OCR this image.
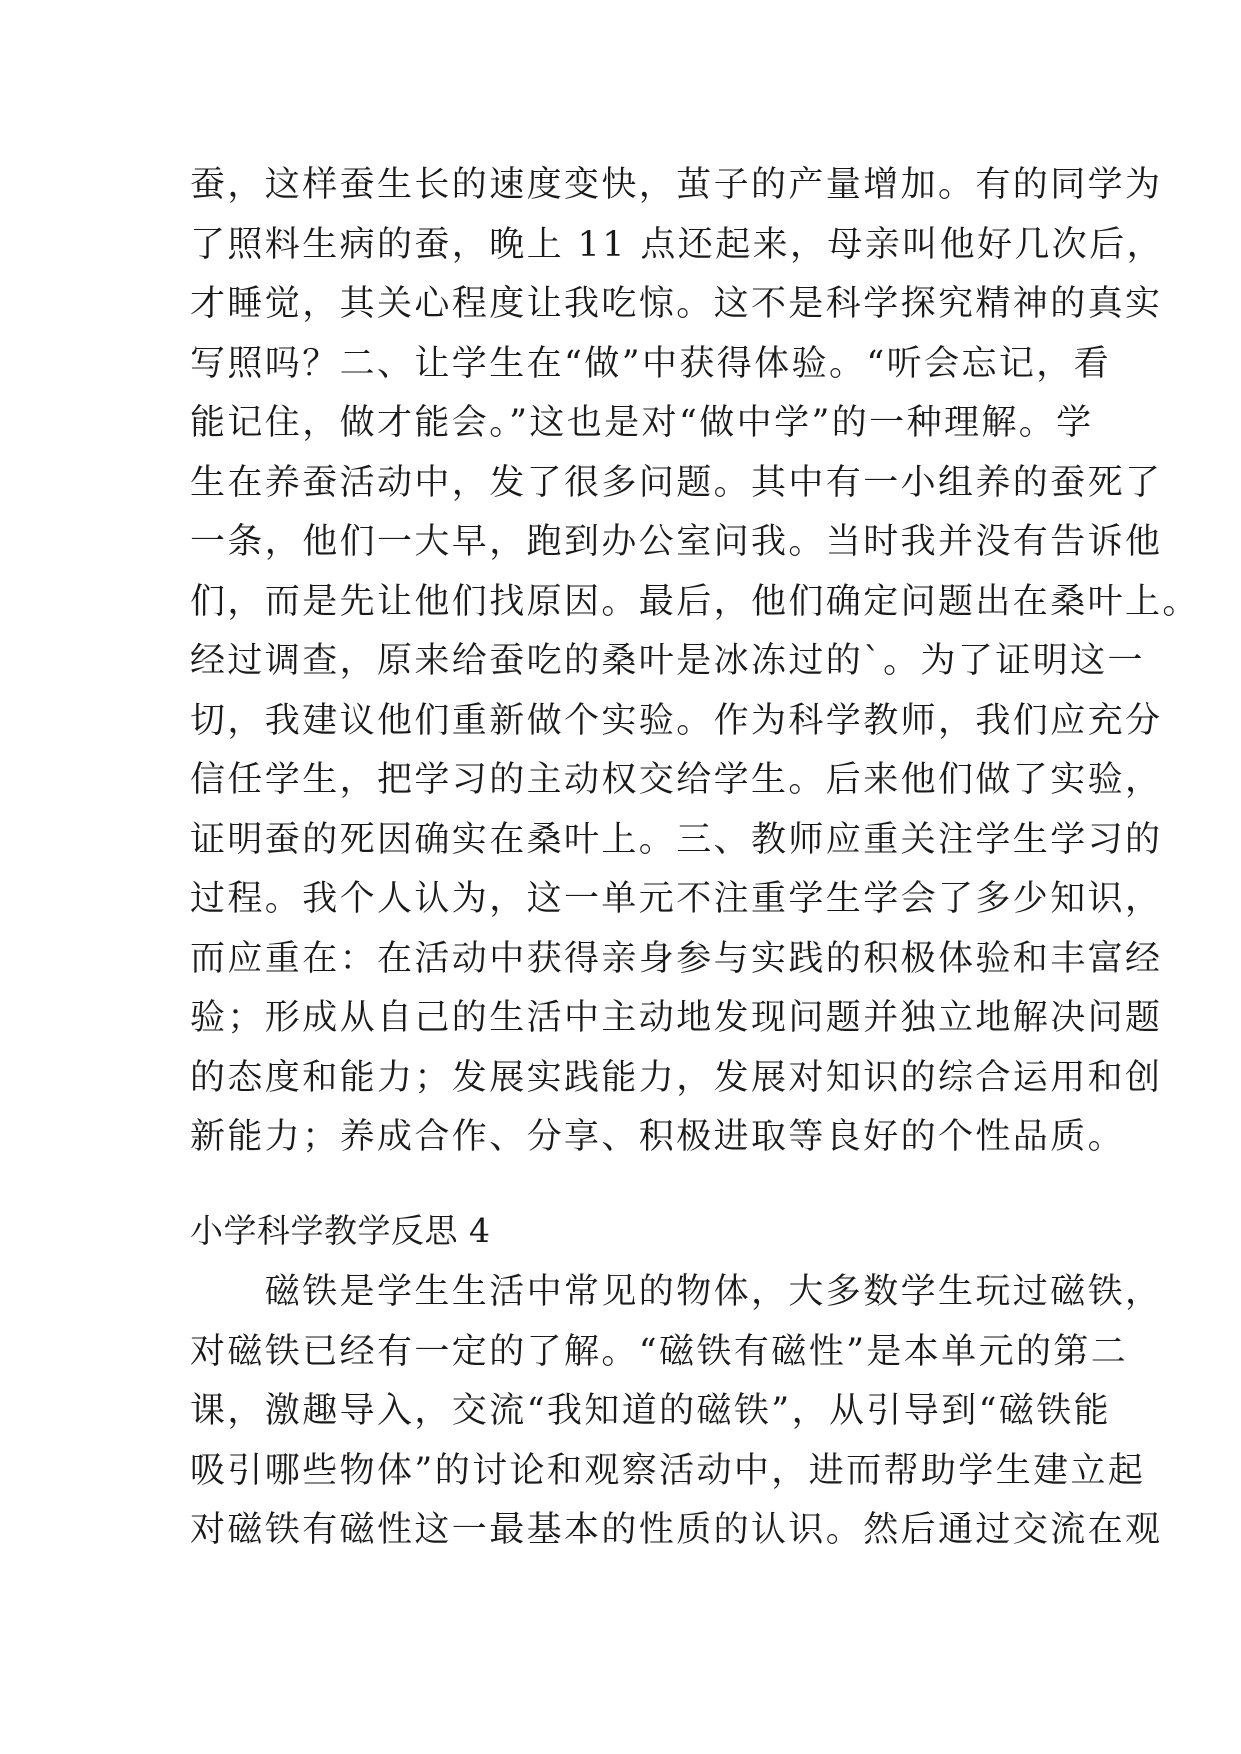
蚕，这样蚕生长的速度变快，茧子的产量增加。有的同学为
了照料生病的蚕，晚上 11 点还起来，母亲叫他好几次后，
才睡觉，其关心程度让我吃惊。这不是科学探究精神的真实
写照吗？二、让学生在“做”中获得体验。“听会忘记，看
能记住，做才能会。”这也是对“做中学”的一种理解。学
生在养蚕活动中，发了很多问题。其中有一小组养的蚕死了
一条，他们一大早，跑到办公室问我。当时我并没有告诉他
们，而是先让他们找原因。最后，他们确定问题出在桑叶上。
经过调查，原来给蚕吃的桑叶是冰冻过的`。为了证明这一
切，我建议他们重新做个实验。作为科学教师，我们应充分
信任学生，把学习的主动权交给学生。后来他们做了实验，
证明蚕的死因确实在桑叶上。三、教师应重关注学生学习的
过程。我个人认为，这一单元不注重学生学会了多少知识，
而应重在：在活动中获得亲身参与实践的积极体验和丰富经
验；形成从自己的生活中主动地发现问题并独立地解决问题
的态度和能力；发展实践能力，发展对知识的综合运用和创
新能力；养成合作、分享、积极进取等良好的个性品质。
小学科学教学反思 4
　　磁铁是学生生活中常见的物体，大多数学生玩过磁铁，
对磁铁已经有一定的了解。“磁铁有磁性”是本单元的第二
课，激趣导入，交流“我知道的磁铁”，从引导到“磁铁能
吸引哪些物体”的讨论和观察活动中，进而帮助学生建立起
对磁铁有磁性这一最基本的性质的认识。然后通过交流在观
